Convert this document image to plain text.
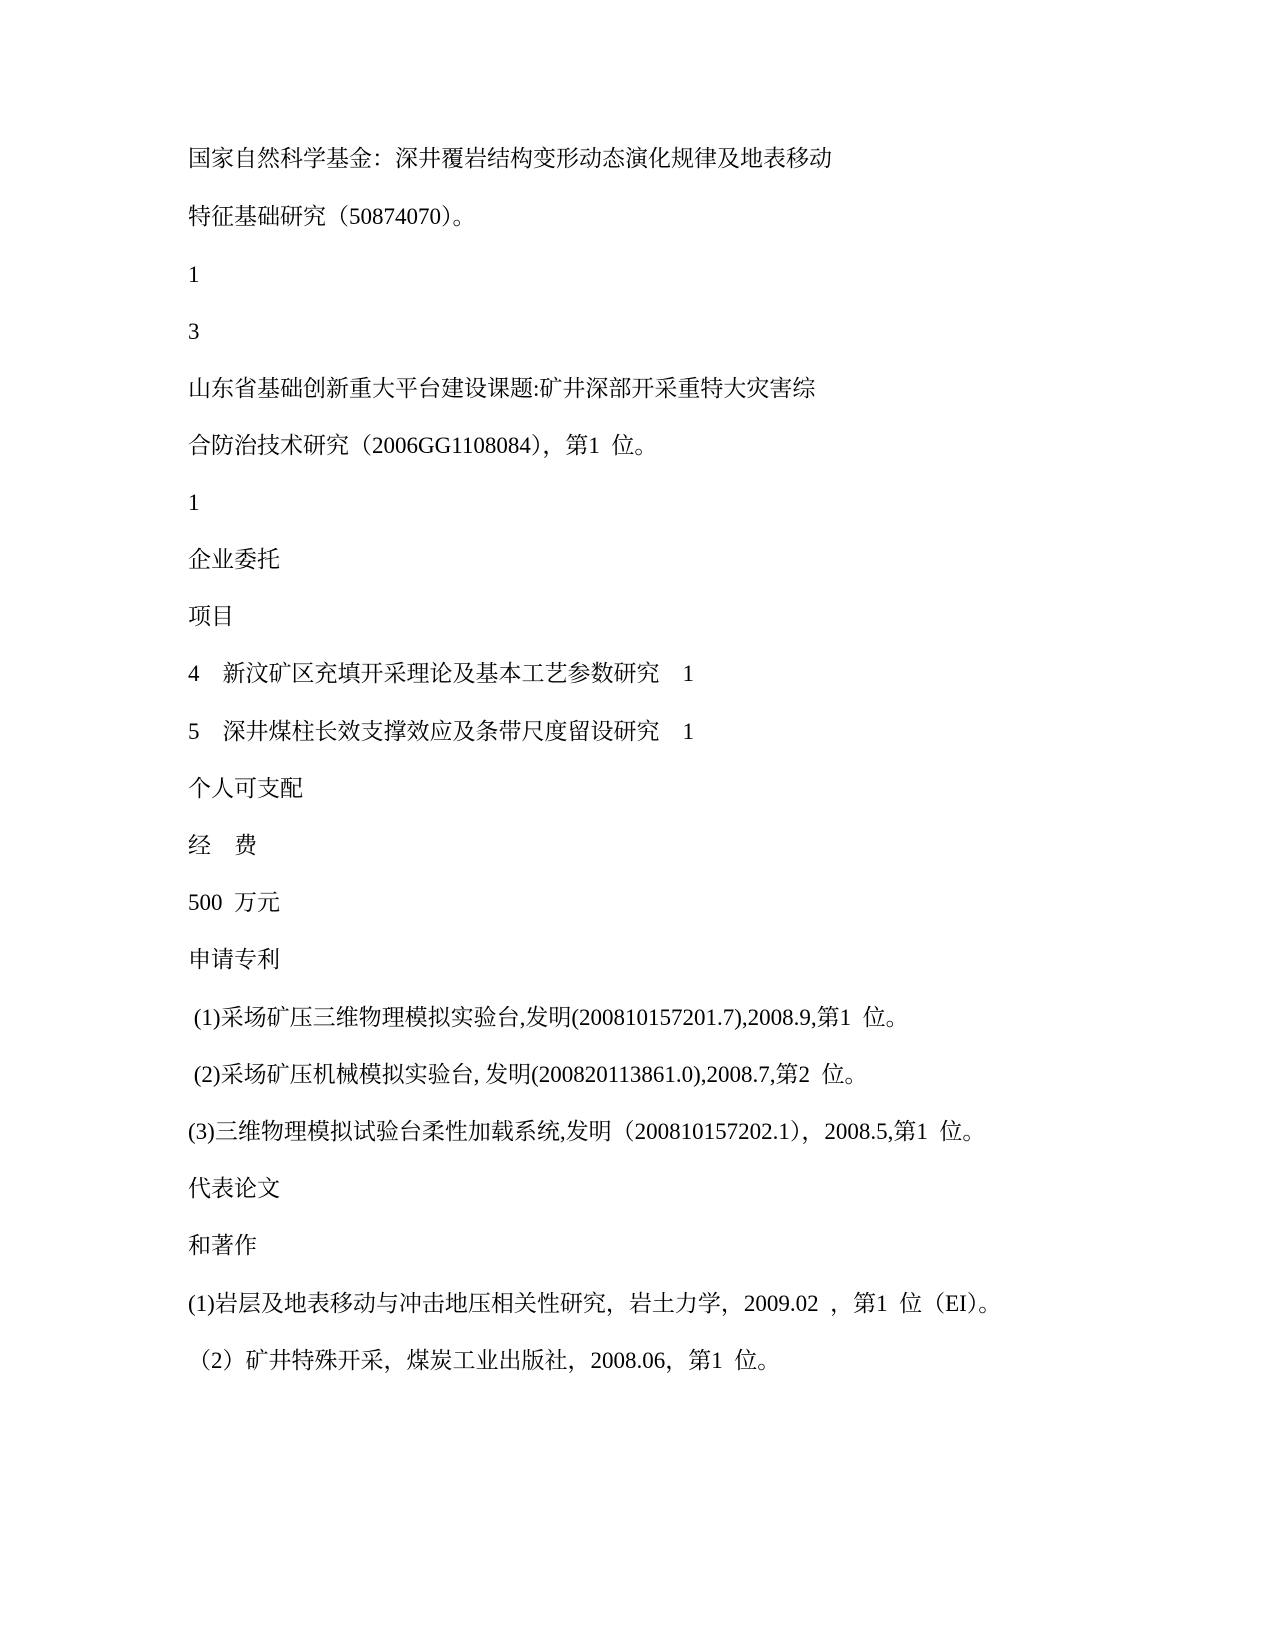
国家自然科学基金：深井覆岩结构变形动态演化规律及地表移动
特征基础研究（50874070）。
1
3
山东省基础创新重大平台建设课题:矿井深部开采重特大灾害综
合防治技术研究（2006GG1108084），第1  位。
1
企业委托
项目
4    新汶矿区充填开采理论及基本工艺参数研究    1
5    深井煤柱长效支撑效应及条带尺度留设研究    1
个人可支配
经    费
500  万元
申请专利
(1)采场矿压三维物理模拟实验台,发明(200810157201.7),2008.9,第1  位。
(2)采场矿压机械模拟实验台, 发明(200820113861.0),2008.7,第2  位。
(3)三维物理模拟试验台柔性加载系统,发明（200810157202.1），2008.5,第1  位。
代表论文
和著作
(1)岩层及地表移动与冲击地压相关性研究，岩土力学，2009.02  ，第1  位（EI）。
（2）矿井特殊开采，煤炭工业出版社，2008.06，第1  位。
